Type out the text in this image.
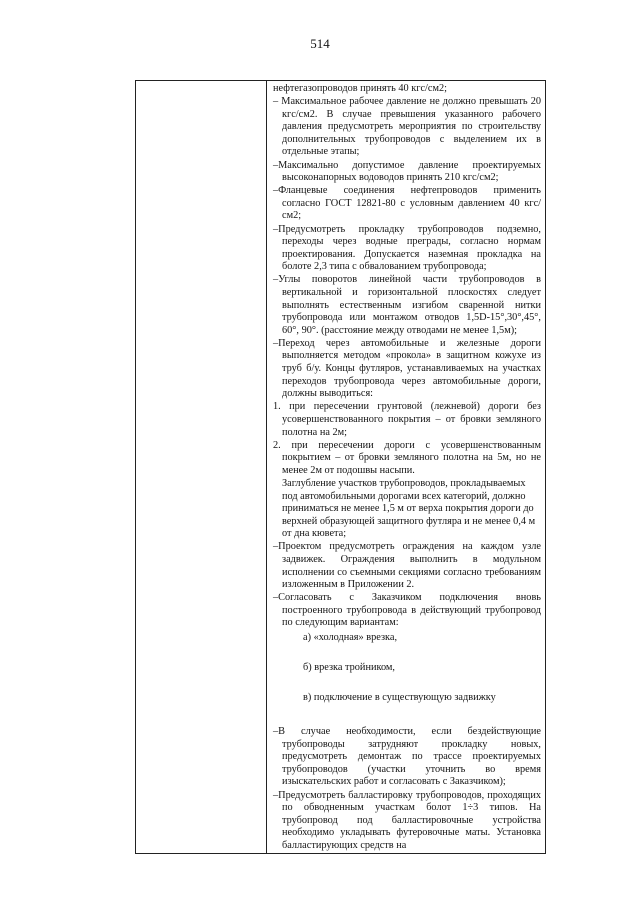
514

нефтегазопроводов принять 40 кгс/см2;

– Максимальное рабочее давление не должно превышать 20 кгс/см2. В случае превышения указанного рабочего давления предусмотреть мероприятия по строительству дополнительных трубопроводов с выделением их в отдельные этапы;

–Максимально допустимое давление проектируемых высоконапорных водоводов принять 210 кгс/см2;

–Фланцевые соединения нефтепроводов применить согласно ГОСТ 12821-80 с условным давлением 40 кгс/см2;

–Предусмотреть прокладку трубопроводов подземно, переходы через водные преграды, согласно нормам проектирования. Допускается наземная прокладка на болоте 2,3 типа с обвалованием трубопровода;

–Углы поворотов линейной части трубопроводов в вертикальной и горизонтальной плоскостях следует выполнять естественным изгибом сваренной нитки трубопровода или монтажом отводов 1,5D-15°,30°,45°, 60°, 90°. (расстояние между отводами не менее 1,5м);

–Переход через автомобильные и железные дороги выполняется методом «прокола» в защитном кожухе из труб б/у. Концы футляров, устанавливаемых на участках переходов трубопровода через автомобильные дороги, должны выводиться:

1. при пересечении грунтовой (лежневой) дороги без усовершенствованного покрытия – от бровки земляного полотна на 2м;

2. при пересечении дороги с усовершенствованным покрытием – от бровки земляного полотна на 5м, но не менее 2м от подошвы насыпи.

Заглубление участков трубопроводов, прокладываемых под автомобильными дорогами всех категорий, должно приниматься не менее 1,5 м от верха покрытия дороги до верхней образующей защитного футляра и не менее 0,4 м от дна кювета;

–Проектом предусмотреть ограждения на каждом узле задвижек. Ограждения выполнить в модульном исполнении со съемными секциями согласно требованиям изложенным в Приложении 2.

–Согласовать с Заказчиком подключения вновь построенного трубопровода в действующий трубопровод по следующим вариантам:

а) «холодная» врезка,

б) врезка тройником,

в) подключение в существующую задвижку

–В случае необходимости, если бездействующие трубопроводы затрудняют прокладку новых, предусмотреть демонтаж по трассе проектируемых трубопроводов (участки уточнить во время изыскательских работ и согласовать с Заказчиком);

–Предусмотреть балластировку трубопроводов, проходящих по обводненным участкам болот 1÷3 типов. На трубопровод под балластировочные устройства необходимо укладывать футеровочные маты. Установка балластирующих средств на
